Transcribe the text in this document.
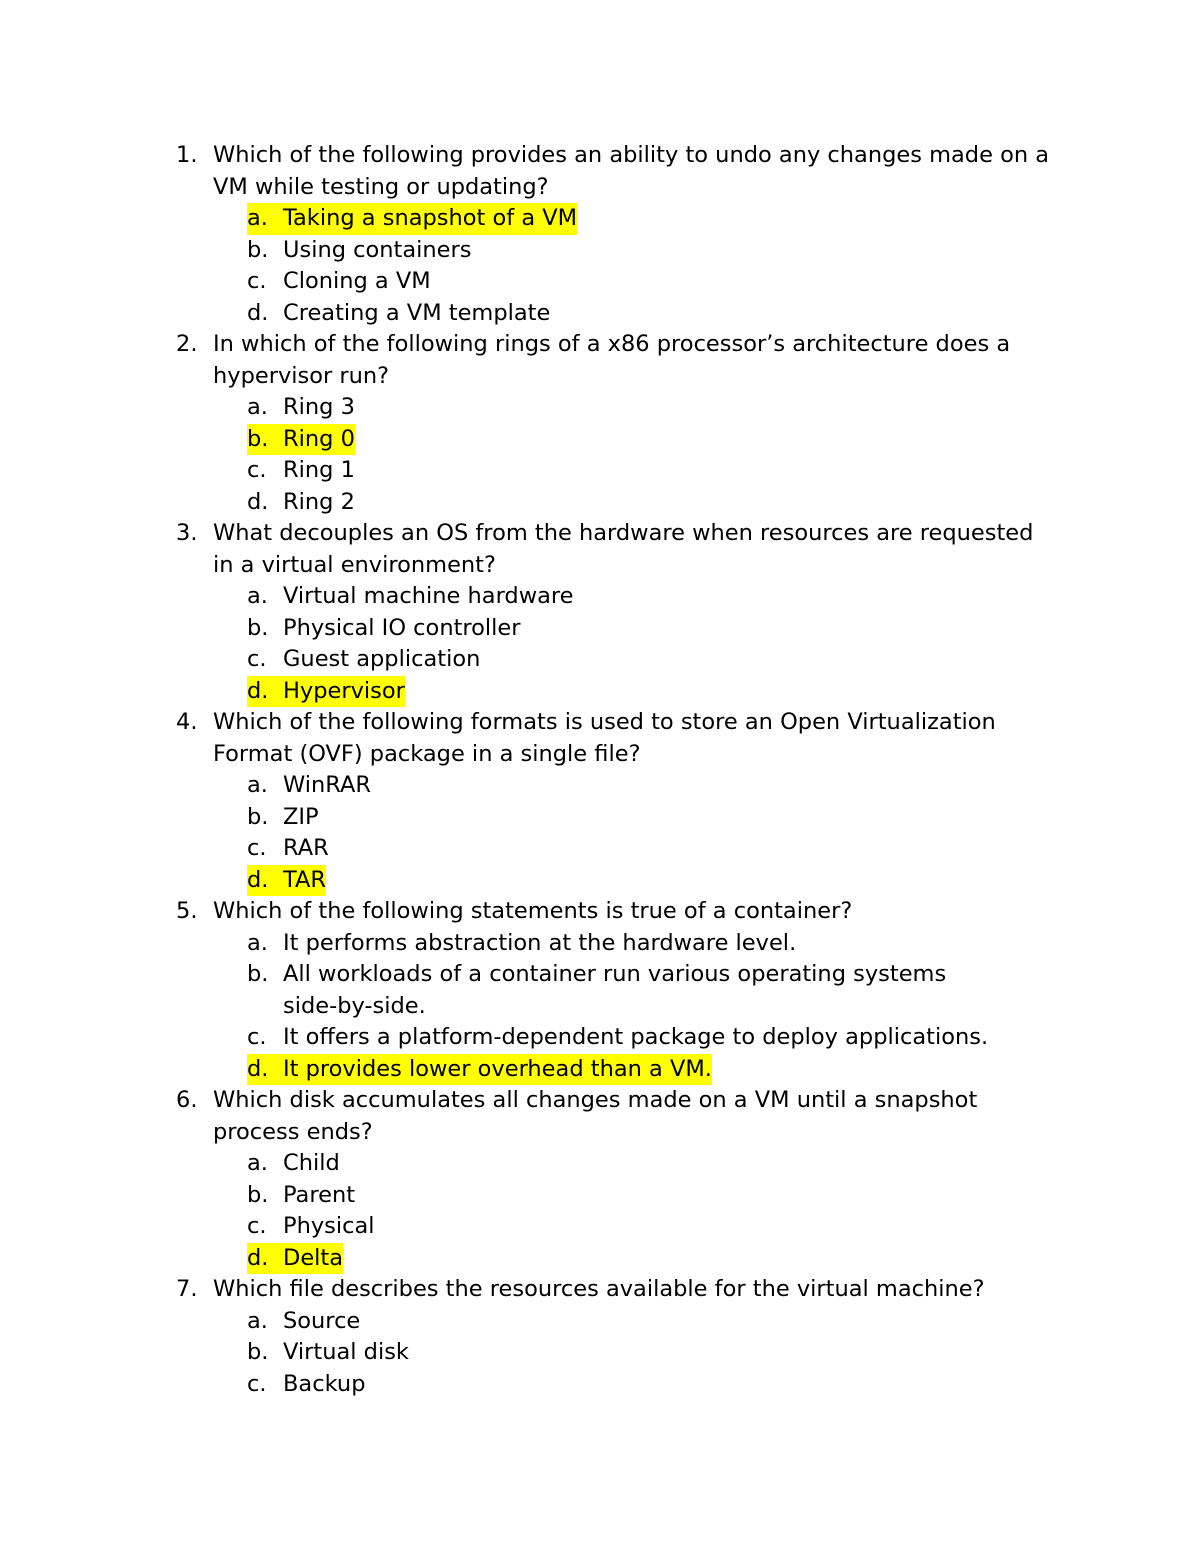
1. Which of the following provides an ability to undo any changes made on a VM while testing or updating?
a. Taking a snapshot of a VM
b. Using containers
c. Cloning a VM
d. Creating a VM template
2. In which of the following rings of a x86 processor’s architecture does a hypervisor run?
a. Ring 3
b. Ring 0
c. Ring 1
d. Ring 2
3. What decouples an OS from the hardware when resources are requested in a virtual environment?
a. Virtual machine hardware
b. Physical IO controller
c. Guest application
d. Hypervisor
4. Which of the following formats is used to store an Open Virtualization Format (OVF) package in a single file?
a. WinRAR
b. ZIP
c. RAR
d. TAR
5. Which of the following statements is true of a container?
a. It performs abstraction at the hardware level.
b. All workloads of a container run various operating systems side-by-side.
c. It offers a platform-dependent package to deploy applications.
d. It provides lower overhead than a VM.
6. Which disk accumulates all changes made on a VM until a snapshot process ends?
a. Child
b. Parent
c. Physical
d. Delta
7. Which file describes the resources available for the virtual machine?
a. Source
b. Virtual disk
c. Backup
